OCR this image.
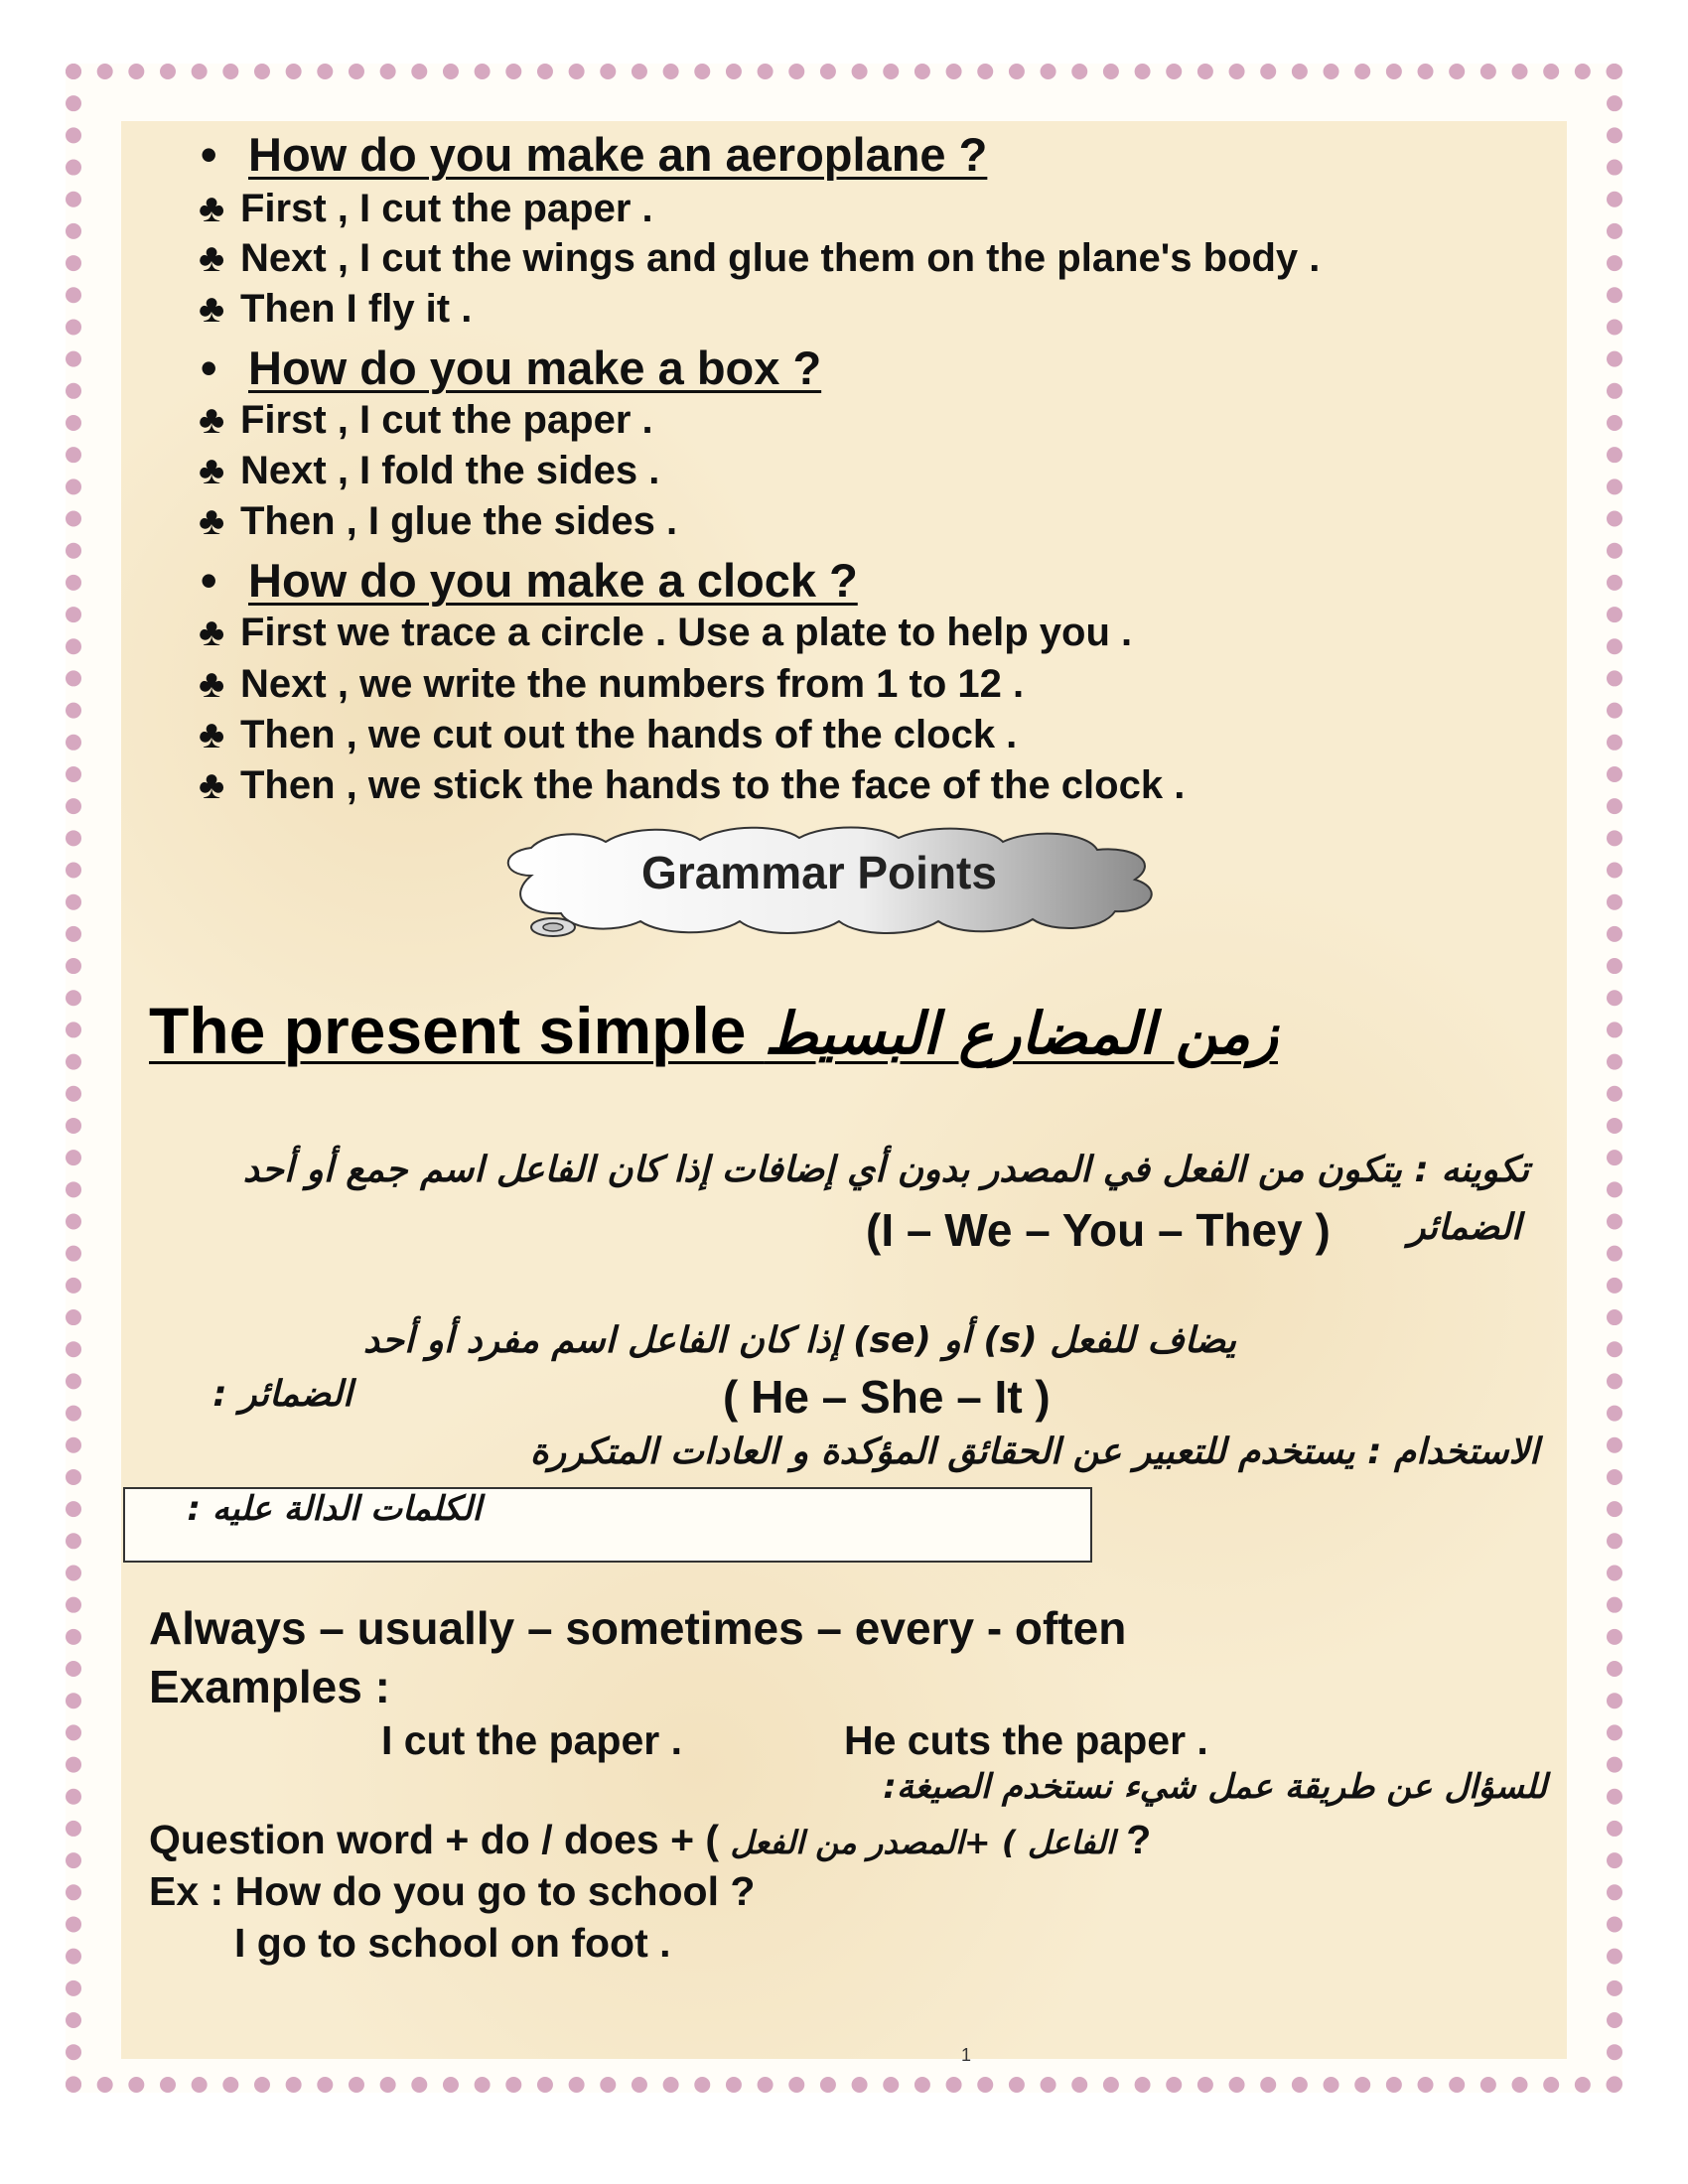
• How do you make an aeroplane ?
♣ First , I cut the paper .
♣ Next , I cut the wings and glue them on the plane's body .
♣ Then I fly it .
• How do you make a box ?
♣ First , I cut the paper .
♣ Next , I fold the sides .
♣ Then , I glue the sides .
• How do you make a clock ?
♣ First we trace a circle . Use a plate to help you .
♣ Next , we write the numbers from 1 to 12 .
♣ Then , we cut out the hands of the clock .
♣ Then , we stick the hands to the face of the clock .
Grammar Points
The present simple زمن المضارع البسيط
تكوينه : يتكون من الفعل في المصدر بدون أي إضافات إذا كان الفاعل اسم جمع أو أحد
الضمائر
(I – We – You – They )
يضاف للفعل (s) أو (se) إذا كان الفاعل اسم مفرد أو أحد
الضمائر :	( He – She – It )
الاستخدام : يستخدم للتعبير عن الحقائق المؤكدة و العادات المتكررة
الكلمات الدالة عليه :
Always – usually – sometimes – every - often
Examples :
I cut the paper .	He cuts the paper .
للسؤال عن طريقة عمل شيء نستخدم الصيغة:
Question word + do / does + (	الفاعل ) +المصدر من الفعل	?
Ex : How do you go to school ?
I go to school on foot .
1
